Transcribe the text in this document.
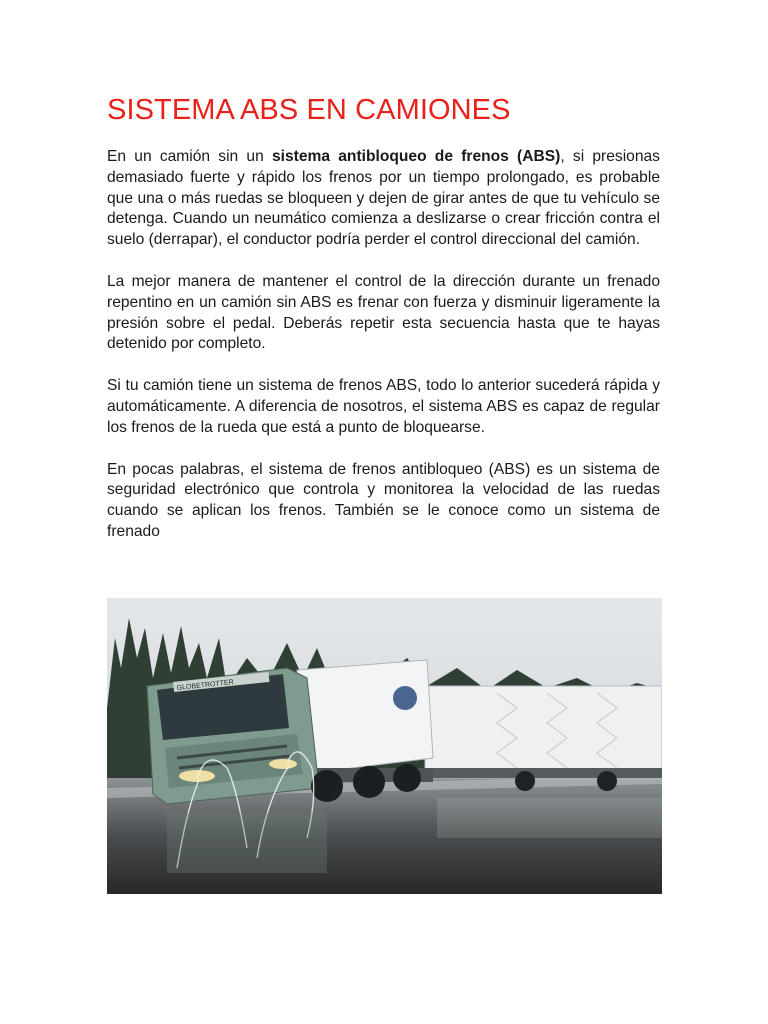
SISTEMA ABS EN CAMIONES

En un camión sin un sistema antibloqueo de frenos (ABS), si presionas demasiado fuerte y rápido los frenos por un tiempo prolongado, es probable que una o más ruedas se bloqueen y dejen de girar antes de que tu vehículo se detenga. Cuando un neumático comienza a deslizarse o crear fricción contra el suelo (derrapar), el conductor podría perder el control direccional del camión.

La mejor manera de mantener el control de la dirección durante un frenado repentino en un camión sin ABS es frenar con fuerza y disminuir ligeramente la presión sobre el pedal. Deberás repetir esta secuencia hasta que te hayas detenido por completo.

Si tu camión tiene un sistema de frenos ABS, todo lo anterior sucederá rápida y automáticamente. A diferencia de nosotros, el sistema ABS es capaz de regular los frenos de la rueda que está a punto de bloquearse.

En pocas palabras, el sistema de frenos antibloqueo (ABS) es un sistema de seguridad electrónico que controla y monitorea la velocidad de las ruedas cuando se aplican los frenos. También se le conoce como un sistema de frenado

GLOBETROTTER
